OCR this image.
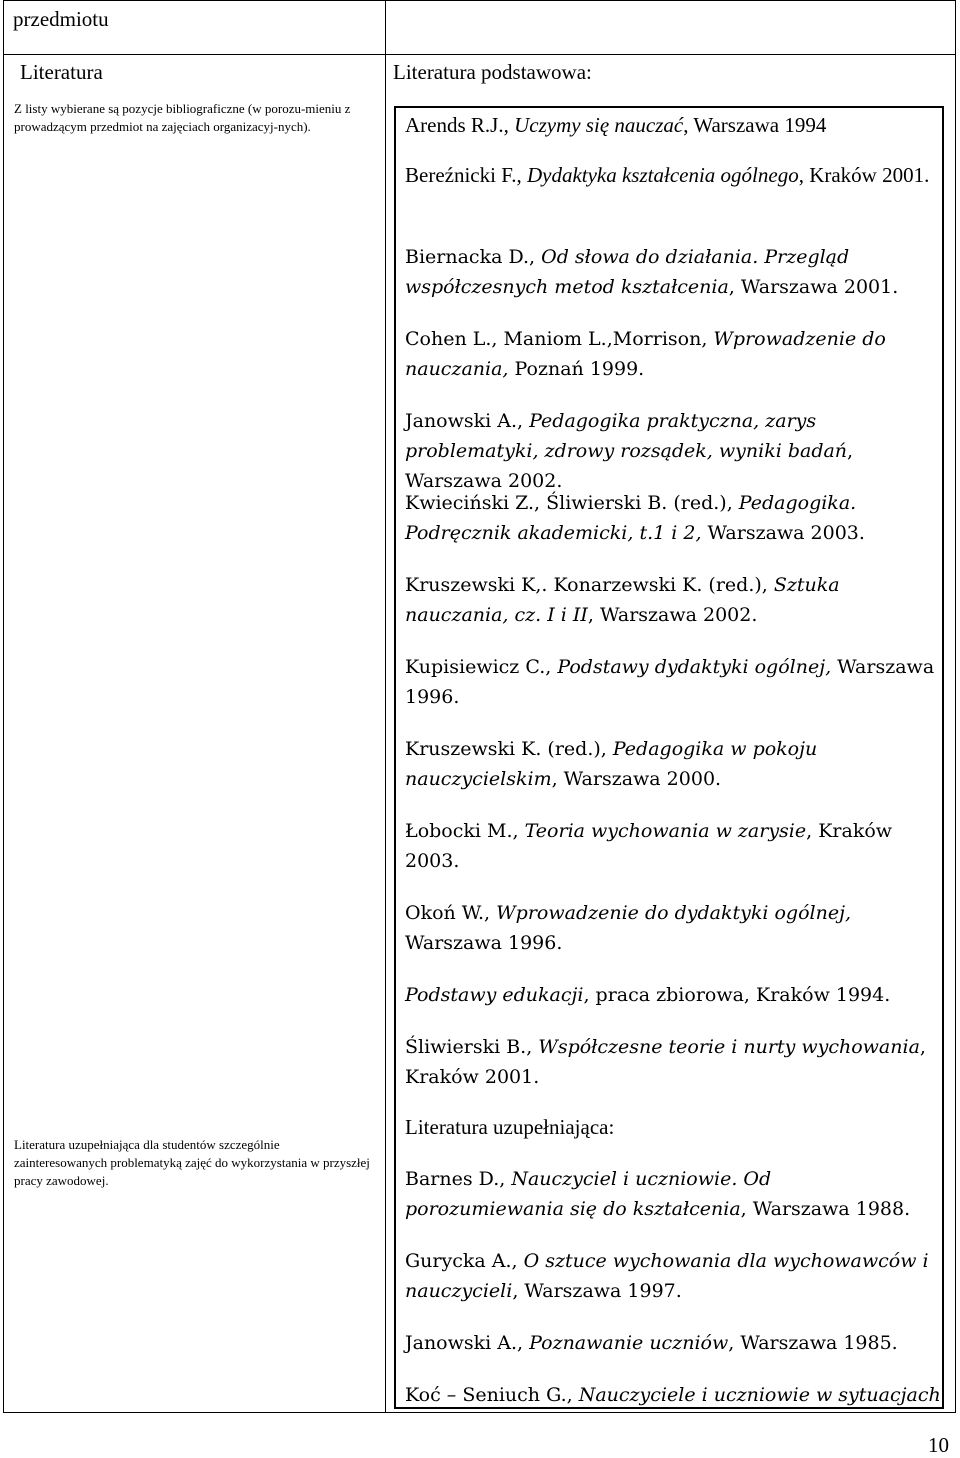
przedmiotu
Literatura
Z listy wybierane są pozycje bibliograficzne (w porozu-mieniu z prowadzącym przedmiot na zajęciach organizacyj-nych).
Literatura uzupełniająca dla studentów szczególnie zainteresowanych problematyką zajęć do wykorzystania w przyszłej pracy zawodowej.
Literatura podstawowa:
Arends R.J., Uczymy się nauczać, Warszawa 1994
Bereźnicki F., Dydaktyka kształcenia ogólnego, Kraków 2001.
Biernacka D., Od słowa do działania. Przegląd współczesnych metod kształcenia, Warszawa 2001.
Cohen L., Maniom L.,Morrison, Wprowadzenie do nauczania, Poznań 1999.
Janowski A., Pedagogika praktyczna, zarys problematyki, zdrowy rozsądek, wyniki badań, Warszawa 2002.
Kwieciński Z., Śliwierski B. (red.), Pedagogika. Podręcznik akademicki, t.1 i 2, Warszawa 2003.
Kruszewski K,. Konarzewski K. (red.), Sztuka nauczania, cz. I i II, Warszawa 2002.
Kupisiewicz C., Podstawy dydaktyki ogólnej, Warszawa 1996.
Kruszewski K. (red.), Pedagogika w pokoju nauczycielskim, Warszawa 2000.
Łobocki M., Teoria wychowania w zarysie, Kraków 2003.
Okoń W., Wprowadzenie do dydaktyki ogólnej, Warszawa 1996.
Podstawy edukacji, praca zbiorowa, Kraków 1994.
Śliwierski B., Współczesne teorie i nurty wychowania, Kraków 2001.
Literatura uzupełniająca:
Barnes D., Nauczyciel i uczniowie. Od porozumiewania się do kształcenia, Warszawa 1988.
Gurycka A., O sztuce wychowania dla wychowawców i nauczycieli, Warszawa 1997.
Janowski A., Poznawanie uczniów, Warszawa 1985.
Koć – Seniuch G., Nauczyciele i uczniowie w sytuacjach
10
